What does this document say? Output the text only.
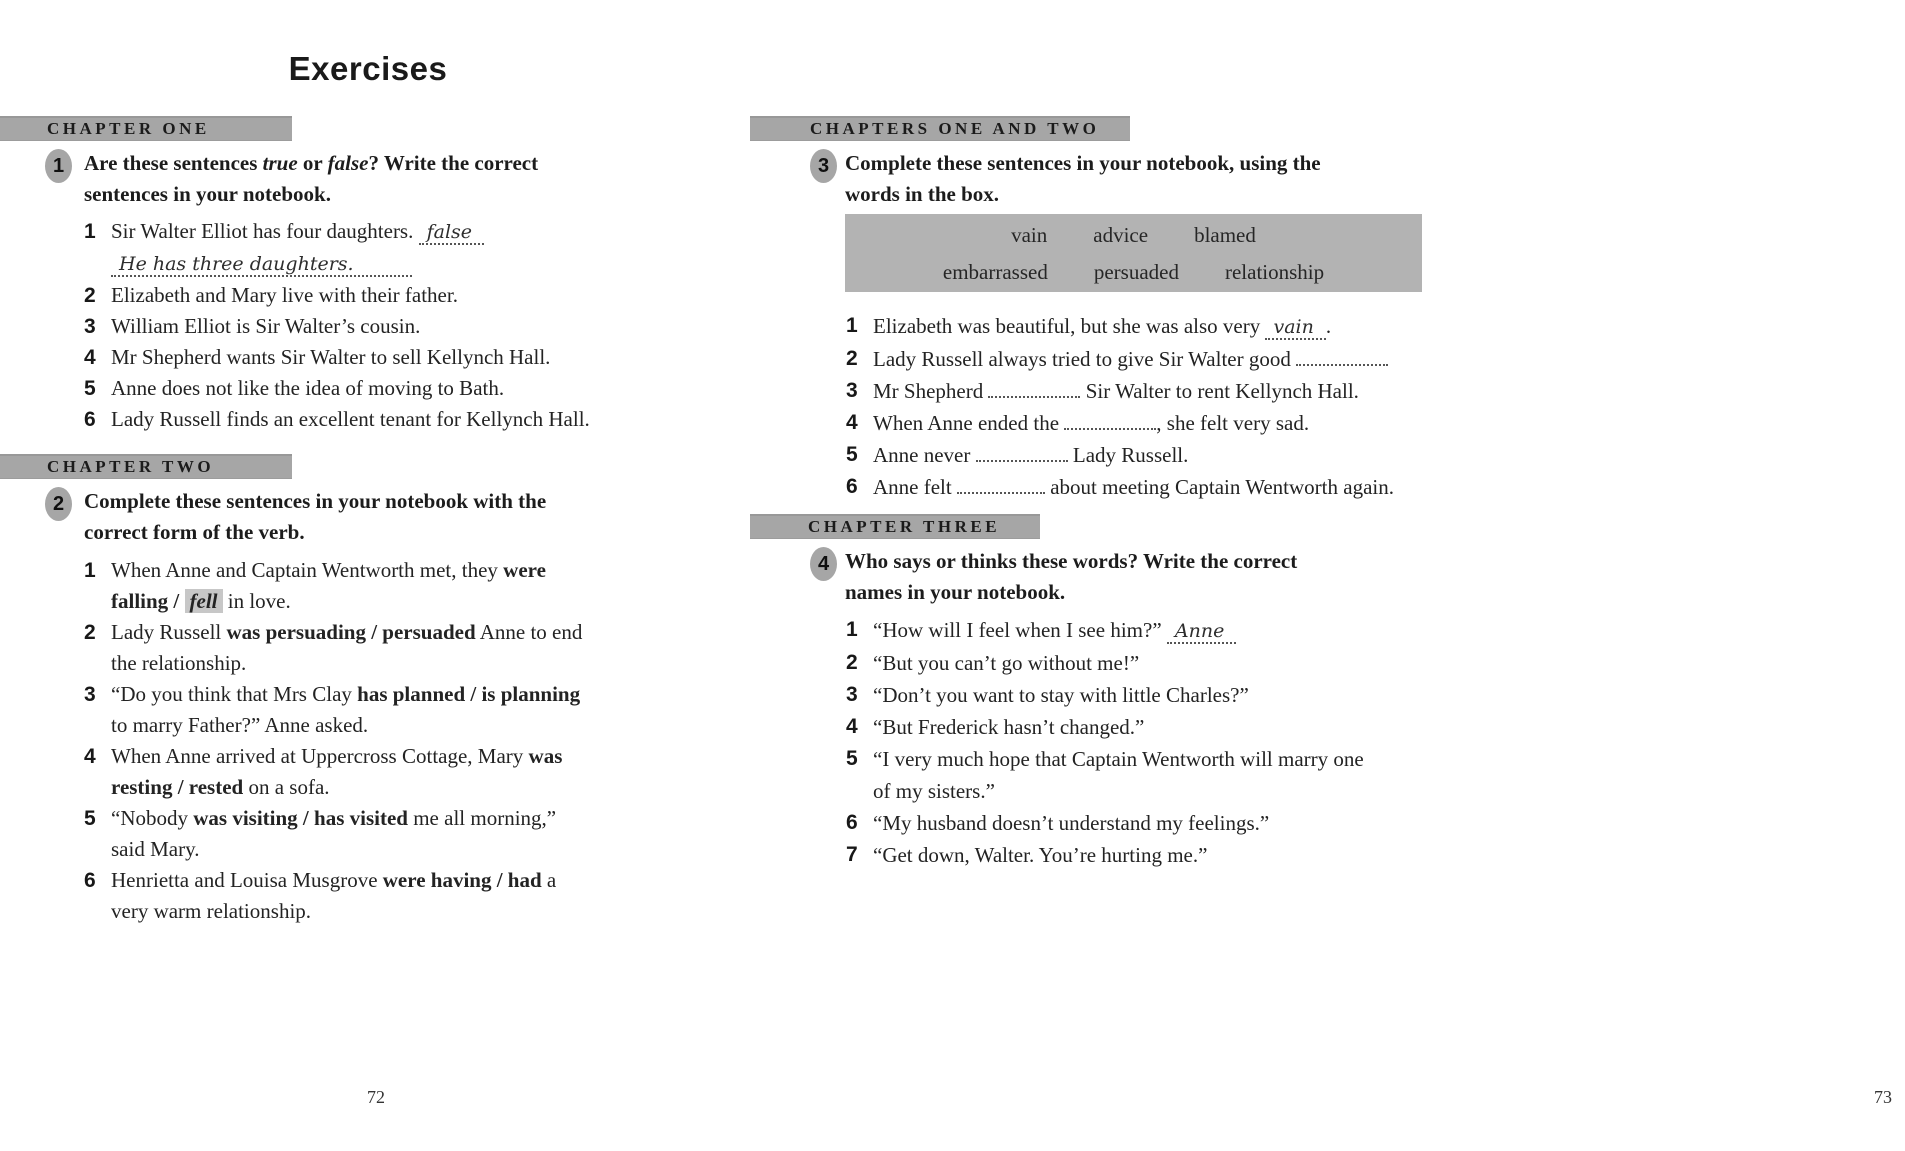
Exercises
CHAPTER ONE
1 Are these sentences true or false? Write the correct
sentences in your notebook.
1 Sir Walter Elliot has four daughters. false
He has three daughters.
2 Elizabeth and Mary live with their father.
3 William Elliot is Sir Walter’s cousin.
4 Mr Shepherd wants Sir Walter to sell Kellynch Hall.
5 Anne does not like the idea of moving to Bath.
6 Lady Russell finds an excellent tenant for Kellynch Hall.
CHAPTER TWO
2 Complete these sentences in your notebook with the
correct form of the verb.
1 When Anne and Captain Wentworth met, they were
falling / fell in love.
2 Lady Russell was persuading / persuaded Anne to end
the relationship.
3 “Do you think that Mrs Clay has planned / is planning
to marry Father?” Anne asked.
4 When Anne arrived at Uppercross Cottage, Mary was
resting / rested on a sofa.
5 “Nobody was visiting / has visited me all morning,”
said Mary.
6 Henrietta and Louisa Musgrove were having / had a
very warm relationship.
72
CHAPTERS ONE AND TWO
3 Complete these sentences in your notebook, using the
words in the box.
vain advice blamed
embarrassed persuaded relationship
1 Elizabeth was beautiful, but she was also very vain .
2 Lady Russell always tried to give Sir Walter good
3 Mr Shepherd	Sir Walter to rent Kellynch Hall.
4 When Anne ended the	, she felt very sad.
5 Anne never	Lady Russell.
6 Anne felt	about meeting Captain Wentworth again.
CHAPTER THREE
4 Who says or thinks these words? Write the correct
names in your notebook.
1 “How will I feel when I see him?” Anne
2 “But you can’t go without me!”
3 “Don’t you want to stay with little Charles?”
4 “But Frederick hasn’t changed.”
5 “I very much hope that Captain Wentworth will marry one
of my sisters.”
6 “My husband doesn’t understand my feelings.”
7 “Get down, Walter. You’re hurting me.”
73
